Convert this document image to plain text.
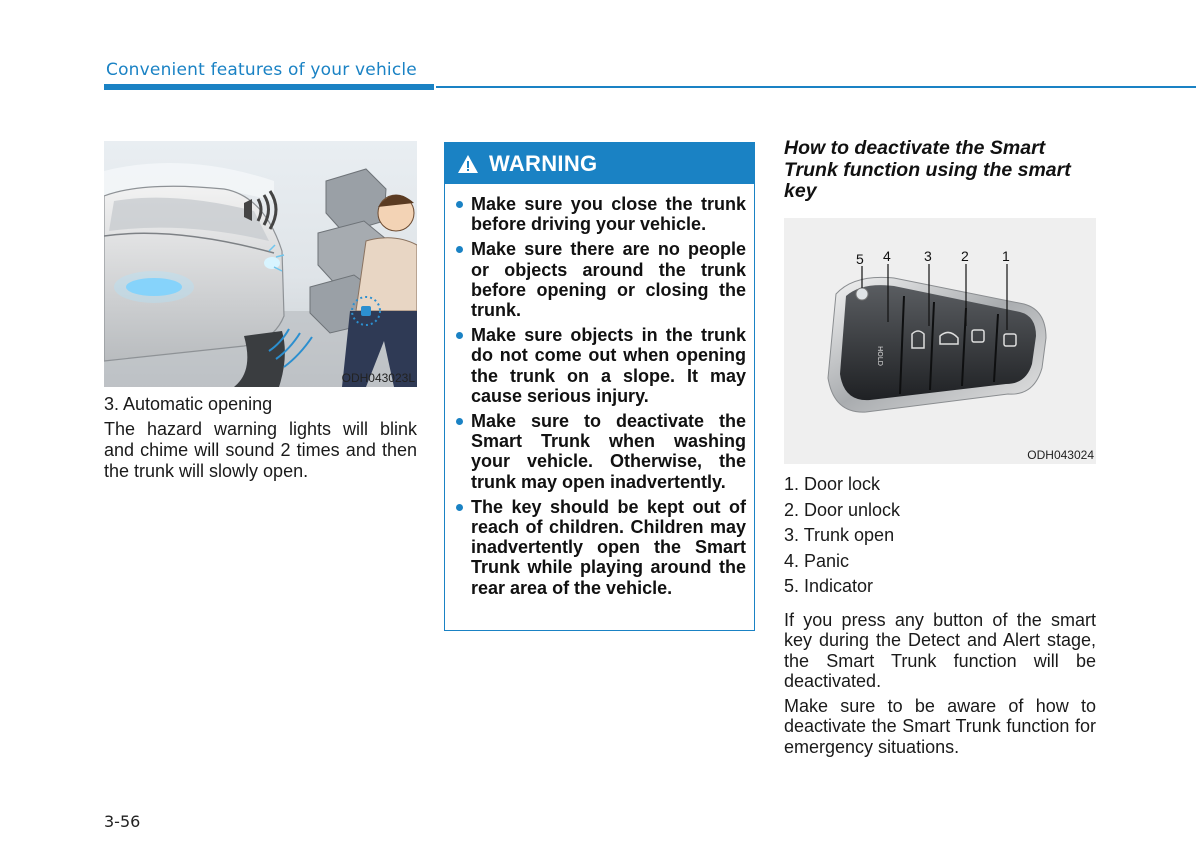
Convenient features of your vehicle
ODH043023L
3. Automatic opening
The hazard warning lights will blink and chime will sound 2 times and then the trunk will slowly open.
WARNING
Make sure you close the trunk before driving your vehicle.
Make sure there are no people or objects around the trunk before opening or closing the trunk.
Make sure objects in the trunk do not come out when opening the trunk on a slope. It may cause serious injury.
Make sure to deactivate the Smart Trunk when washing your vehicle. Otherwise, the trunk may open inadvertently.
The key should be kept out of reach of children. Children may inadvertently open the Smart Trunk while playing around the rear area of the vehicle.
How to deactivate the Smart Trunk function using the smart key
HOLD
5 4 3 2 1
ODH043024
1. Door lock
2. Door unlock
3. Trunk open
4. Panic
5. Indicator
If you press any button of the smart key during the Detect and Alert stage, the Smart Trunk function will be deactivated.
Make sure to be aware of how to deactivate the Smart Trunk function for emergency situations.
3-56
